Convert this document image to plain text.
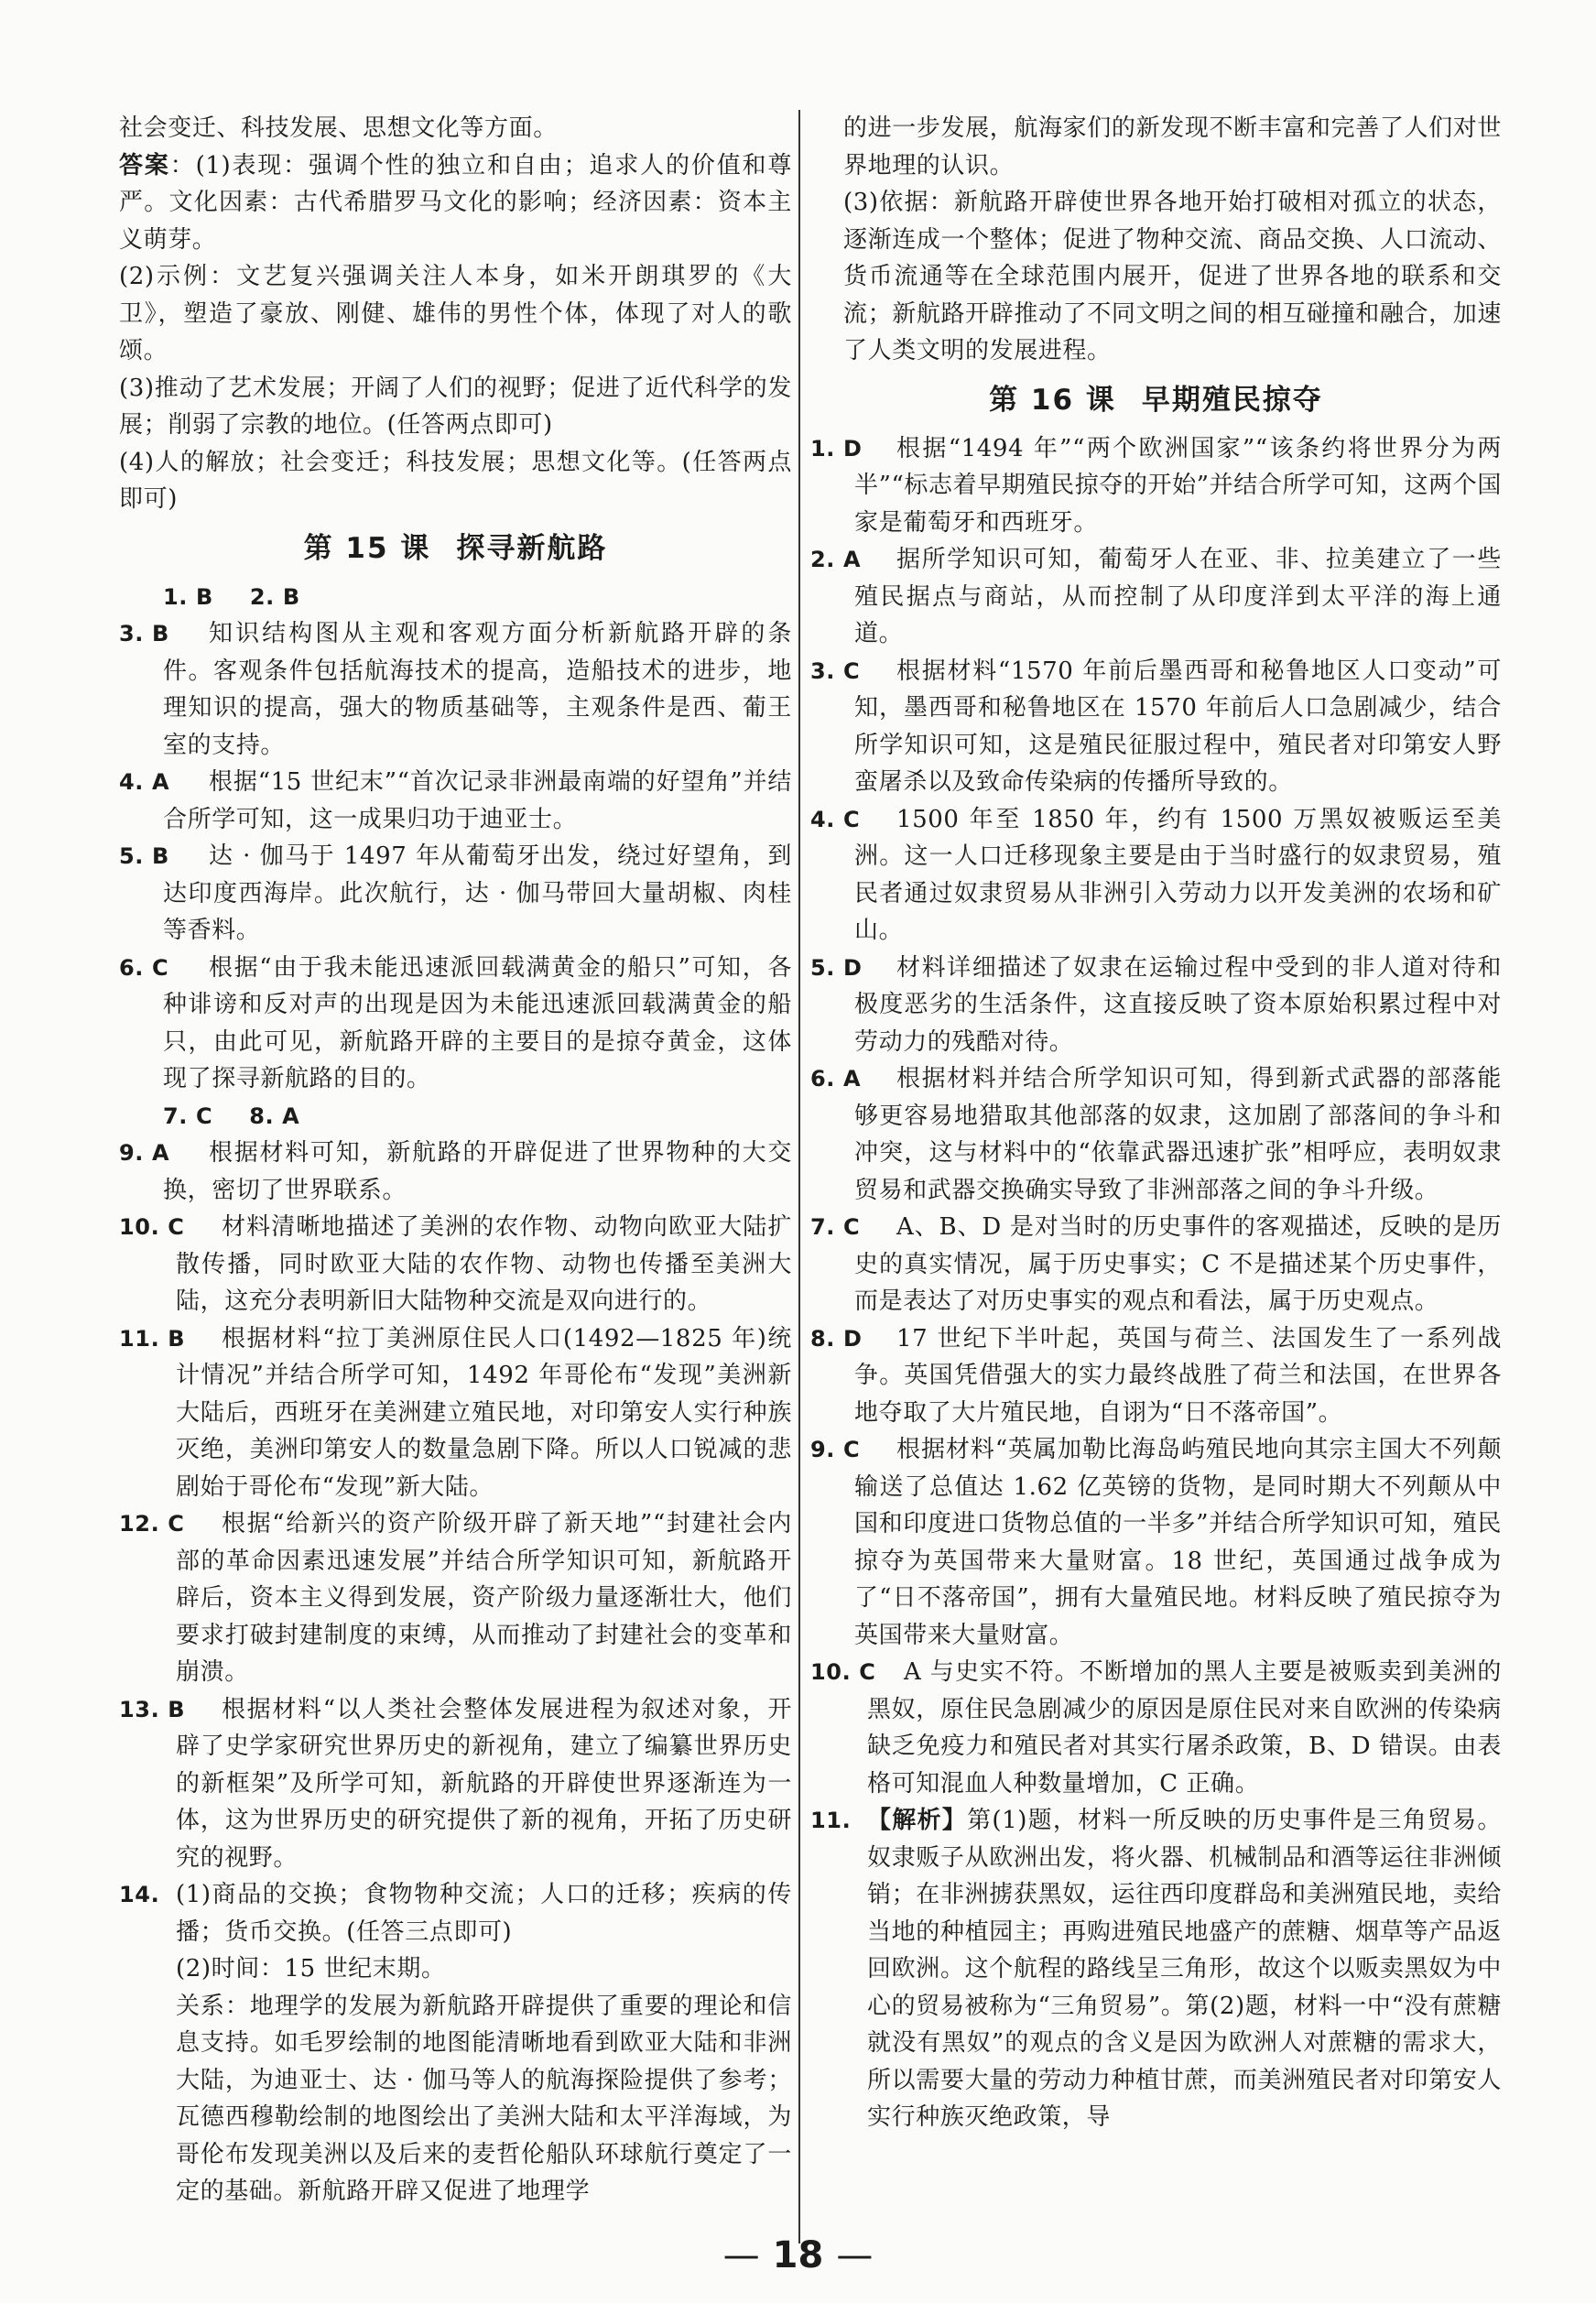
社会变迁、科技发展、思想文化等方面。

答案：(1)表现：强调个性的独立和自由；追求人的价值和尊严。文化因素：古代希腊罗马文化的影响；经济因素：资本主义萌芽。

(2)示例：文艺复兴强调关注人本身，如米开朗琪罗的《大卫》，塑造了豪放、刚健、雄伟的男性个体，体现了对人的歌颂。

(3)推动了艺术发展；开阔了人们的视野；促进了近代科学的发展；削弱了宗教的地位。(任答两点即可)

(4)人的解放；社会变迁；科技发展；思想文化等。(任答两点即可)

第 15 课 探寻新航路
1. B 2. B
3. B 知识结构图从主观和客观方面分析新航路开辟的条件。客观条件包括航海技术的提高，造船技术的进步，地理知识的提高，强大的物质基础等，主观条件是西、葡王室的支持。
4. A 根据“15 世纪末”“首次记录非洲最南端的好望角”并结合所学可知，这一成果归功于迪亚士。
5. B 达 · 伽马于 1497 年从葡萄牙出发，绕过好望角，到达印度西海岸。此次航行，达 · 伽马带回大量胡椒、肉桂等香料。
6. C 根据“由于我未能迅速派回载满黄金的船只”可知，各种诽谤和反对声的出现是因为未能迅速派回载满黄金的船只，由此可见，新航路开辟的主要目的是掠夺黄金，这体现了探寻新航路的目的。
7. C 8. A
9. A 根据材料可知，新航路的开辟促进了世界物种的大交换，密切了世界联系。
10. C 材料清晰地描述了美洲的农作物、动物向欧亚大陆扩散传播，同时欧亚大陆的农作物、动物也传播至美洲大陆，这充分表明新旧大陆物种交流是双向进行的。
11. B 根据材料“拉丁美洲原住民人口(1492—1825 年)统计情况”并结合所学可知，1492 年哥伦布“发现”美洲新大陆后，西班牙在美洲建立殖民地，对印第安人实行种族灭绝，美洲印第安人的数量急剧下降。所以人口锐减的悲剧始于哥伦布“发现”新大陆。
12. C 根据“给新兴的资产阶级开辟了新天地”“封建社会内部的革命因素迅速发展”并结合所学知识可知，新航路开辟后，资本主义得到发展，资产阶级力量逐渐壮大，他们要求打破封建制度的束缚，从而推动了封建社会的变革和崩溃。
13. B 根据材料“以人类社会整体发展进程为叙述对象，开辟了史学家研究世界历史的新视角，建立了编纂世界历史的新框架”及所学可知，新航路的开辟使世界逐渐连为一体，这为世界历史的研究提供了新的视角，开拓了历史研究的视野。
14. (1)商品的交换；食物物种交流；人口的迁移；疾病的传播；货币交换。(任答三点即可)

(2)时间：15 世纪末期。

关系：地理学的发展为新航路开辟提供了重要的理论和信息支持。如毛罗绘制的地图能清晰地看到欧亚大陆和非洲大陆，为迪亚士、达 · 伽马等人的航海探险提供了参考；瓦德西穆勒绘制的地图绘出了美洲大陆和太平洋海域，为哥伦布发现美洲以及后来的麦哲伦船队环球航行奠定了一定的基础。新航路开辟又促进了地理学

的进一步发展，航海家们的新发现不断丰富和完善了人们对世界地理的认识。

(3)依据：新航路开辟使世界各地开始打破相对孤立的状态，逐渐连成一个整体；促进了物种交流、商品交换、人口流动、货币流通等在全球范围内展开，促进了世界各地的联系和交流；新航路开辟推动了不同文明之间的相互碰撞和融合，加速了人类文明的发展进程。

第 16 课 早期殖民掠夺
1. D 根据“1494 年”“两个欧洲国家”“该条约将世界分为两半”“标志着早期殖民掠夺的开始”并结合所学可知，这两个国家是葡萄牙和西班牙。
2. A 据所学知识可知，葡萄牙人在亚、非、拉美建立了一些殖民据点与商站，从而控制了从印度洋到太平洋的海上通道。
3. C 根据材料“1570 年前后墨西哥和秘鲁地区人口变动”可知，墨西哥和秘鲁地区在 1570 年前后人口急剧减少，结合所学知识可知，这是殖民征服过程中，殖民者对印第安人野蛮屠杀以及致命传染病的传播所导致的。
4. C 1500 年至 1850 年，约有 1500 万黑奴被贩运至美洲。这一人口迁移现象主要是由于当时盛行的奴隶贸易，殖民者通过奴隶贸易从非洲引入劳动力以开发美洲的农场和矿山。
5. D 材料详细描述了奴隶在运输过程中受到的非人道对待和极度恶劣的生活条件，这直接反映了资本原始积累过程中对劳动力的残酷对待。
6. A 根据材料并结合所学知识可知，得到新式武器的部落能够更容易地猎取其他部落的奴隶，这加剧了部落间的争斗和冲突，这与材料中的“依靠武器迅速扩张”相呼应，表明奴隶贸易和武器交换确实导致了非洲部落之间的争斗升级。
7. C A、B、D 是对当时的历史事件的客观描述，反映的是历史的真实情况，属于历史事实；C 不是描述某个历史事件，而是表达了对历史事实的观点和看法，属于历史观点。
8. D 17 世纪下半叶起，英国与荷兰、法国发生了一系列战争。英国凭借强大的实力最终战胜了荷兰和法国，在世界各地夺取了大片殖民地，自诩为“日不落帝国”。
9. C 根据材料“英属加勒比海岛屿殖民地向其宗主国大不列颠输送了总值达 1.62 亿英镑的货物，是同时期大不列颠从中国和印度进口货物总值的一半多”并结合所学知识可知，殖民掠夺为英国带来大量财富。18 世纪，英国通过战争成为了“日不落帝国”，拥有大量殖民地。材料反映了殖民掠夺为英国带来大量财富。
10. C A 与史实不符。不断增加的黑人主要是被贩卖到美洲的黑奴，原住民急剧减少的原因是原住民对来自欧洲的传染病缺乏免疫力和殖民者对其实行屠杀政策，B、D 错误。由表格可知混血人种数量增加，C 正确。
11. 【解析】第(1)题，材料一所反映的历史事件是三角贸易。奴隶贩子从欧洲出发，将火器、机械制品和酒等运往非洲倾销；在非洲掳获黑奴，运往西印度群岛和美洲殖民地，卖给当地的种植园主；再购进殖民地盛产的蔗糖、烟草等产品返回欧洲。这个航程的路线呈三角形，故这个以贩卖黑奴为中心的贸易被称为“三角贸易”。第(2)题，材料一中“没有蔗糖就没有黑奴”的观点的含义是因为欧洲人对蔗糖的需求大，所以需要大量的劳动力种植甘蔗，而美洲殖民者对印第安人实行种族灭绝政策，导
— 18 —
